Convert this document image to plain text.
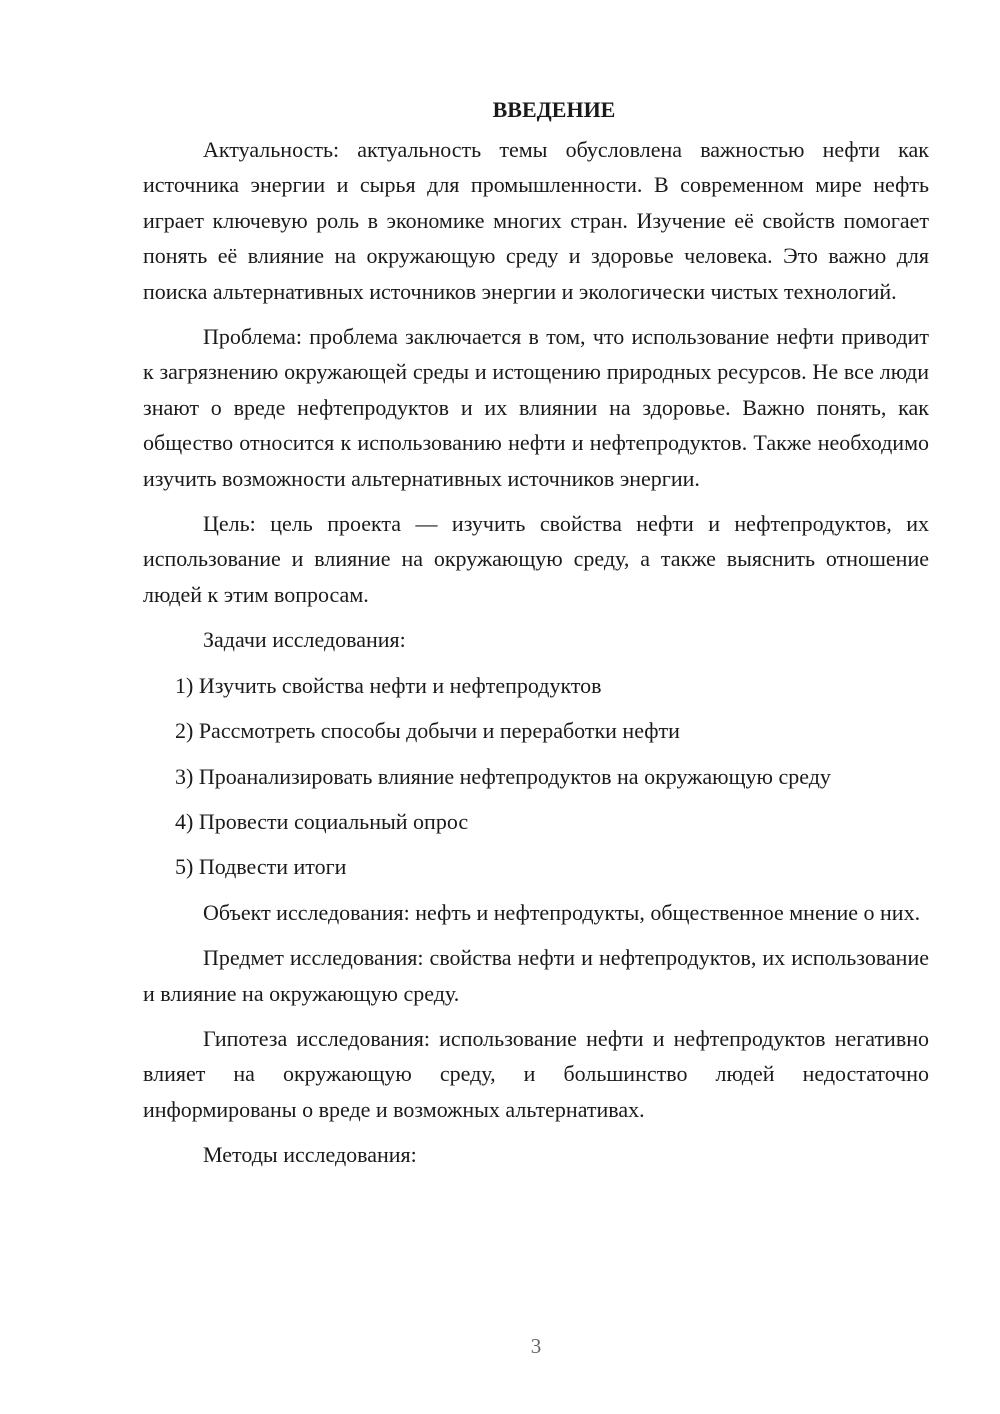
ВВЕДЕНИЕ

Актуальность: актуальность темы обусловлена важностью нефти как источника энергии и сырья для промышленности. В современном мире нефть играет ключевую роль в экономике многих стран. Изучение её свойств помогает понять её влияние на окружающую среду и здоровье человека. Это важно для поиска альтернативных источников энергии и экологически чистых технологий.

Проблема: проблема заключается в том, что использование нефти приводит к загрязнению окружающей среды и истощению природных ресурсов. Не все люди знают о вреде нефтепродуктов и их влиянии на здоровье. Важно понять, как общество относится к использованию нефти и нефтепродуктов. Также необходимо изучить возможности альтернативных источников энергии.

Цель: цель проекта — изучить свойства нефти и нефтепродуктов, их использование и влияние на окружающую среду, а также выяснить отношение людей к этим вопросам.

Задачи исследования:

1) Изучить свойства нефти и нефтепродуктов

2) Рассмотреть способы добычи и переработки нефти

3) Проанализировать влияние нефтепродуктов на окружающую среду

4) Провести социальный опрос

5) Подвести итоги

Объект исследования: нефть и нефтепродукты, общественное мнение о них.

Предмет исследования: свойства нефти и нефтепродуктов, их использование и влияние на окружающую среду.

Гипотеза исследования: использование нефти и нефтепродуктов негативно влияет на окружающую среду, и большинство людей недостаточно информированы о вреде и возможных альтернативах.

Методы исследования:

3
